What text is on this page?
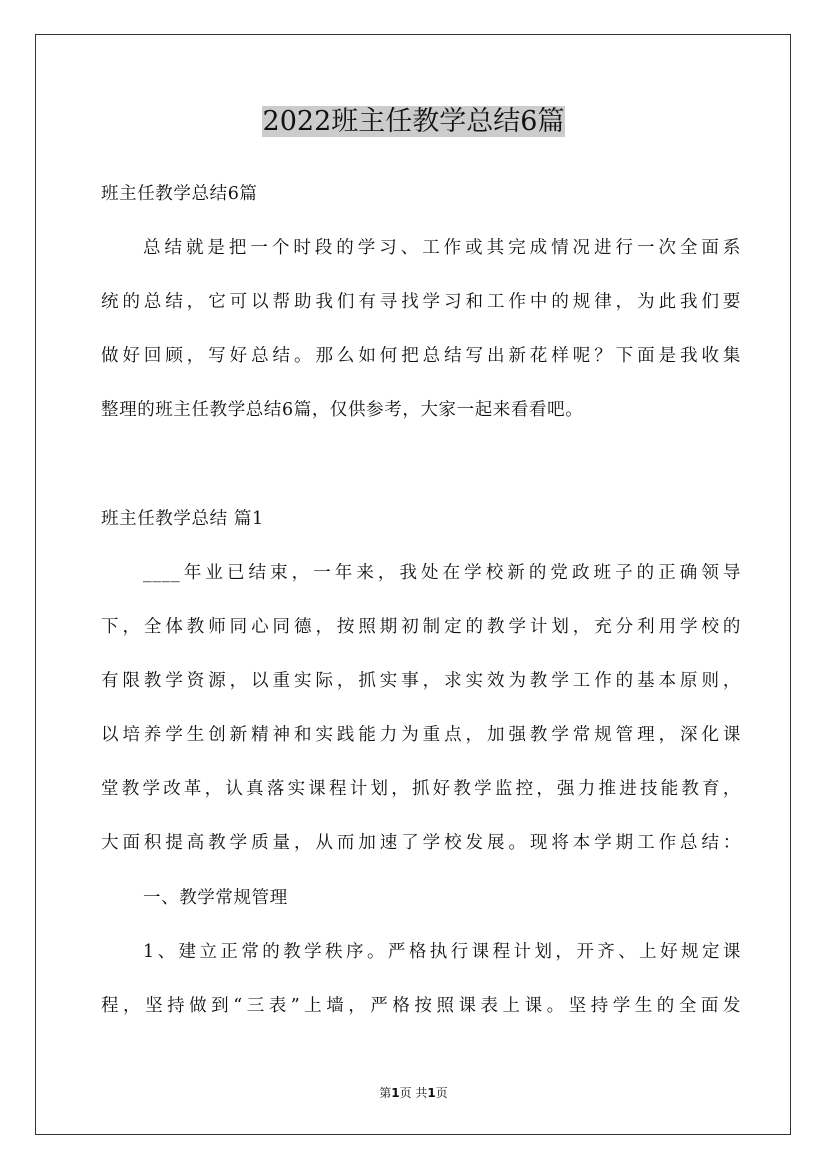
2022班主任教学总结6篇

班主任教学总结6篇

总结就是把一个时段的学习、工作或其完成情况进行一次全面系

统的总结，它可以帮助我们有寻找学习和工作中的规律，为此我们要

做好回顾，写好总结。那么如何把总结写出新花样呢？下面是我收集

整理的班主任教学总结6篇，仅供参考，大家一起来看看吧。

班主任教学总结 篇1

____年业已结束，一年来，我处在学校新的党政班子的正确领导

下，全体教师同心同德，按照期初制定的教学计划，充分利用学校的

有限教学资源，以重实际，抓实事，求实效为教学工作的基本原则，

以培养学生创新精神和实践能力为重点，加强教学常规管理，深化课

堂教学改革，认真落实课程计划，抓好教学监控，强力推进技能教育，

大面积提高教学质量，从而加速了学校发展。现将本学期工作总结：

一、教学常规管理

1、建立正常的教学秩序。严格执行课程计划，开齐、上好规定课

程，坚持做到“三表”上墙，严格按照课表上课。坚持学生的全面发

第1页 共1页
